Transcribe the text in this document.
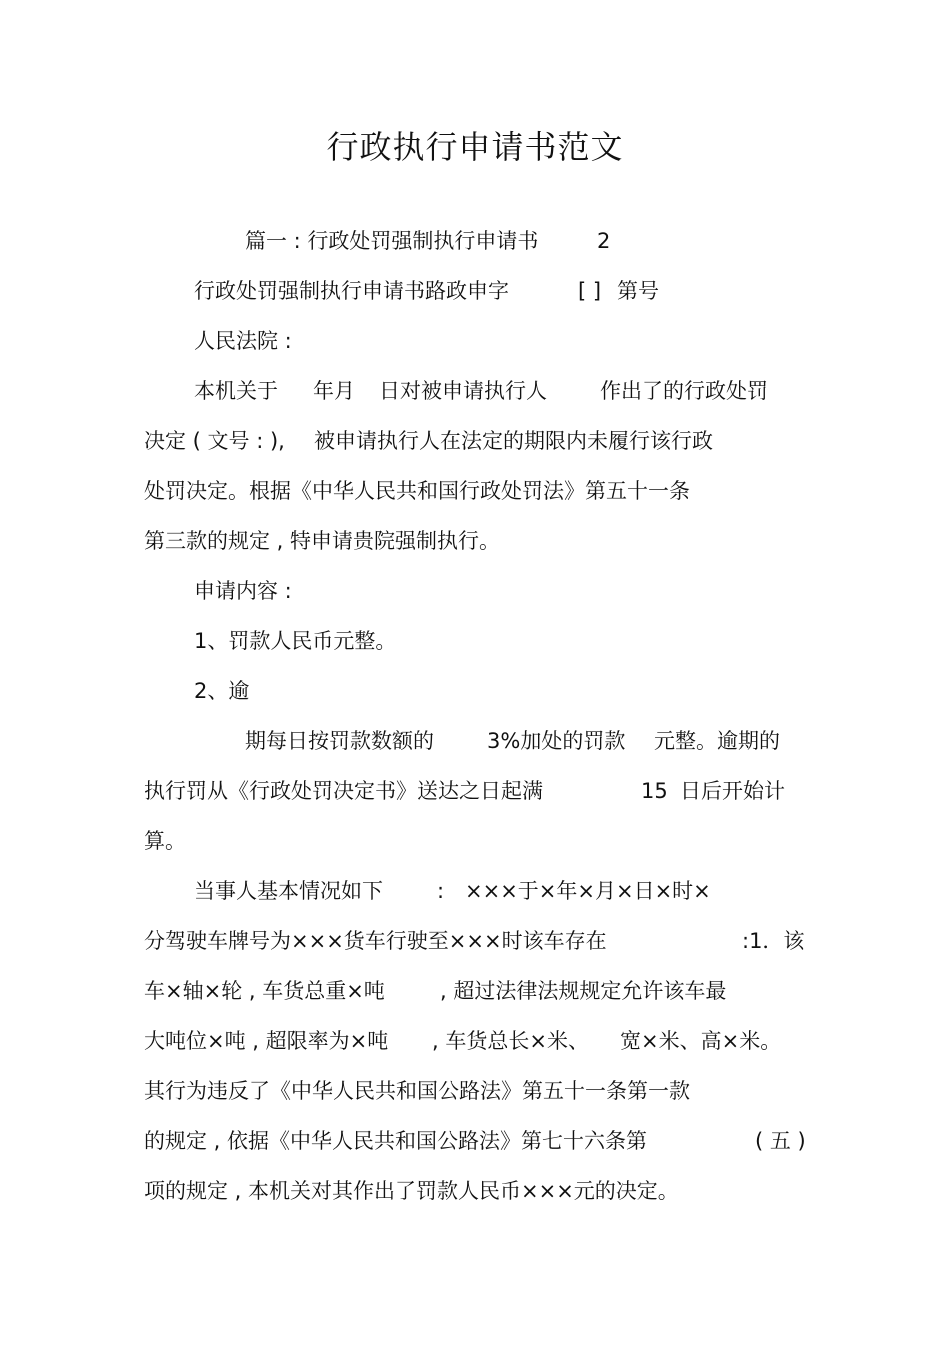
行政执行申请书范文
篇一 : 行政处罚强制执行申请书	2
行政处罚强制执行申请书路政申字	[ ] 第号
人民法院 :
本机关于 年月 日对被申请执行人	作出了的行政处罚
决定 ( 文号 : ), 被申请执行人在法定的期限内未履行该行政
处罚决定。根据《中华人民共和国行政处罚法》第五十一条
第三款的规定 , 特申请贵院强制执行。
申请内容 :
1、罚款人民币元整。
2、逾
期每日按罚款数额的	3%加处的罚款 元整。逾期的
执行罚从《行政处罚决定书》送达之日起满	15 日后开始计
算。
当事人基本情况如下	: ×××于×年×月×日×时×
分驾驶车牌号为×××货车行驶至×××时该车存在	:1．该
车×轴×轮 , 车货总重×吨	, 超过法律法规规定允许该车最
大吨位×吨 , 超限率为×吨 , 车货总长×米、 宽×米、高×米。
其行为违反了《中华人民共和国公路法》第五十一条第一款
的规定 , 依据《中华人民共和国公路法》第七十六条第	( 五 )
项的规定 , 本机关对其作出了罚款人民币×××元的决定。
